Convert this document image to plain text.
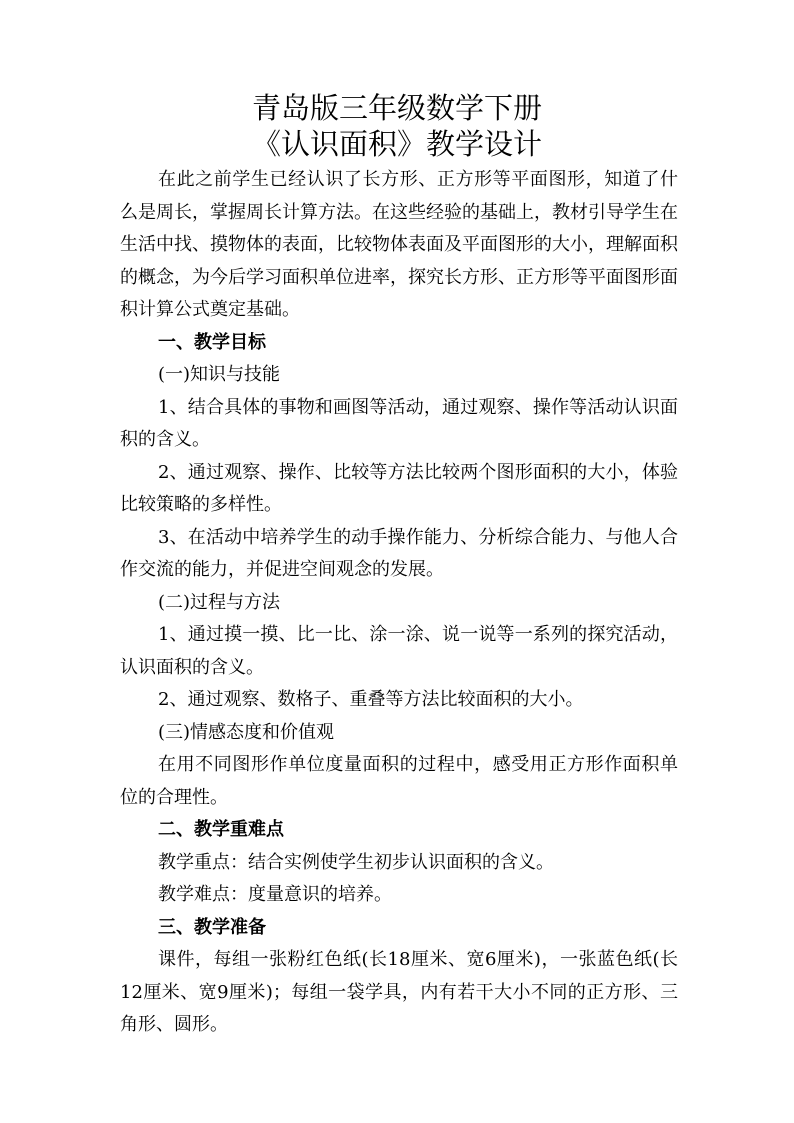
青岛版三年级数学下册
《认识面积》教学设计

在此之前学生已经认识了长方形、正方形等平面图形，知道了什么是周长，掌握周长计算方法。在这些经验的基础上，教材引导学生在生活中找、摸物体的表面，比较物体表面及平面图形的大小，理解面积的概念，为今后学习面积单位进率，探究长方形、正方形等平面图形面积计算公式奠定基础。

一、教学目标

(一)知识与技能

1、结合具体的事物和画图等活动，通过观察、操作等活动认识面积的含义。

2、通过观察、操作、比较等方法比较两个图形面积的大小，体验比较策略的多样性。

3、在活动中培养学生的动手操作能力、分析综合能力、与他人合作交流的能力，并促进空间观念的发展。

(二)过程与方法

1、通过摸一摸、比一比、涂一涂、说一说等一系列的探究活动，认识面积的含义。

2、通过观察、数格子、重叠等方法比较面积的大小。

(三)情感态度和价值观

在用不同图形作单位度量面积的过程中，感受用正方形作面积单位的合理性。

二、教学重难点

教学重点：结合实例使学生初步认识面积的含义。

教学难点：度量意识的培养。

三、教学准备

课件，每组一张粉红色纸(长18厘米、宽6厘米)，一张蓝色纸(长12厘米、宽9厘米)；每组一袋学具，内有若干大小不同的正方形、三角形、圆形。
